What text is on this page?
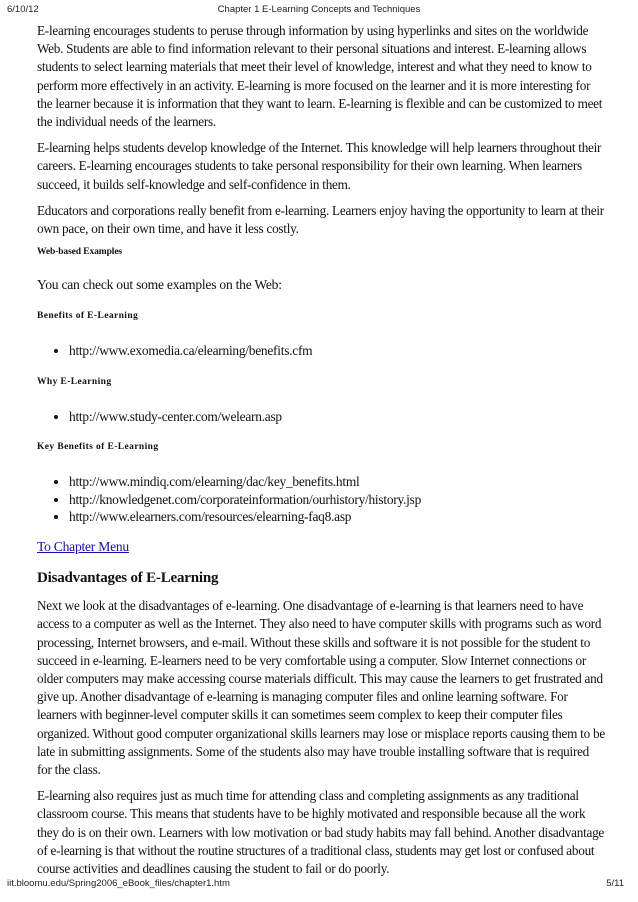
6/10/12	Chapter 1 E-Learning Concepts and Techniques

E-learning encourages students to peruse through information by using hyperlinks and sites on the worldwide Web. Students are able to find information relevant to their personal situations and interest. E-learning allows students to select learning materials that meet their level of knowledge, interest and what they need to know to perform more effectively in an activity. E-learning is more focused on the learner and it is more interesting for the learner because it is information that they want to learn. E-learning is flexible and can be customized to meet the individual needs of the learners.

E-learning helps students develop knowledge of the Internet. This knowledge will help learners throughout their careers. E-learning encourages students to take personal responsibility for their own learning. When learners succeed, it builds self-knowledge and self-confidence in them.

Educators and corporations really benefit from e-learning. Learners enjoy having the opportunity to learn at their own pace, on their own time, and have it less costly.

Web-based Examples

You can check out some examples on the Web:

Benefits of E-Learning
• http://www.exomedia.ca/elearning/benefits.cfm
Why E-Learning
• http://www.study-center.com/welearn.asp
Key Benefits of E-Learning
• http://www.mindiq.com/elearning/dac/key_benefits.html
• http://knowledgenet.com/corporateinformation/ourhistory/history.jsp
• http://www.elearners.com/resources/elearning-faq8.asp
To Chapter Menu
Disadvantages of E-Learning

Next we look at the disadvantages of e-learning. One disadvantage of e-learning is that learners need to have access to a computer as well as the Internet. They also need to have computer skills with programs such as word processing, Internet browsers, and e-mail. Without these skills and software it is not possible for the student to succeed in e-learning. E-learners need to be very comfortable using a computer. Slow Internet connections or older computers may make accessing course materials difficult. This may cause the learners to get frustrated and give up. Another disadvantage of e-learning is managing computer files and online learning software. For learners with beginner-level computer skills it can sometimes seem complex to keep their computer files organized. Without good computer organizational skills learners may lose or misplace reports causing them to be late in submitting assignments. Some of the students also may have trouble installing software that is required for the class.

E-learning also requires just as much time for attending class and completing assignments as any traditional classroom course. This means that students have to be highly motivated and responsible because all the work they do is on their own. Learners with low motivation or bad study habits may fall behind. Another disadvantage of e-learning is that without the routine structures of a traditional class, students may get lost or confused about course activities and deadlines causing the student to fail or do poorly.

iit.bloomu.edu/Spring2006_eBook_files/chapter1.htm	5/11
